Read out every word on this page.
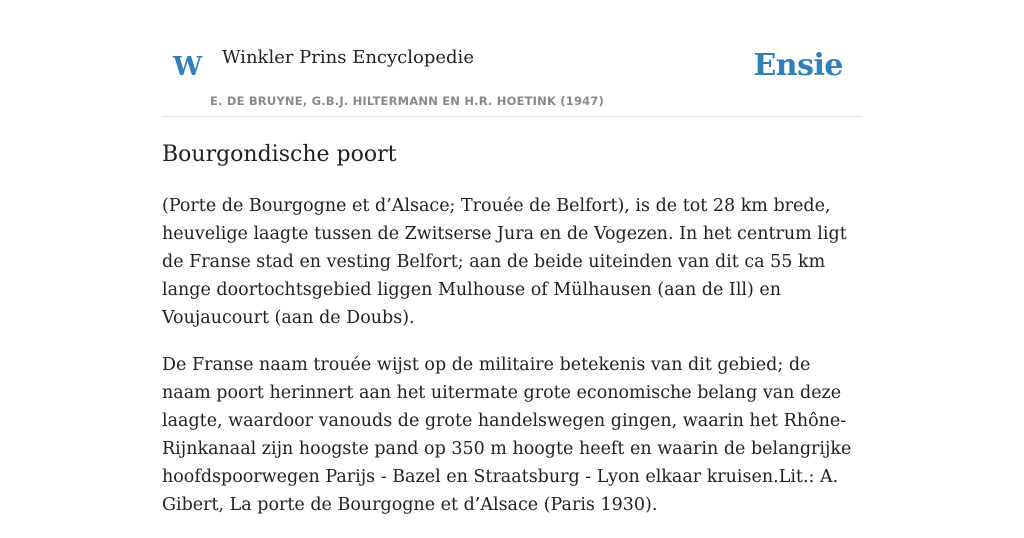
W Winkler Prins Encyclopedie
E. DE BRUYNE, G.B.J. HILTERMANN EN H.R. HOETINK (1947)
Ensie
Bourgondische poort

(Porte de Bourgogne et d’Alsace; Trouée de Belfort), is de tot 28 km brede, heuvelige laagte tussen de Zwitserse Jura en de Vogezen. In het centrum ligt de Franse stad en vesting Belfort; aan de beide uiteinden van dit ca 55 km lange doortochtsgebied liggen Mulhouse of Mülhausen (aan de Ill) en Voujaucourt (aan de Doubs).

De Franse naam trouée wijst op de militaire betekenis van dit gebied; de naam poort herinnert aan het uitermate grote economische belang van deze laagte, waardoor vanouds de grote handelswegen gingen, waarin het Rhône-Rijnkanaal zijn hoogste pand op 350 m hoogte heeft en waarin de belangrijke hoofdspoorwegen Parijs - Bazel en Straatsburg - Lyon elkaar kruisen.Lit.: A. Gibert, La porte de Bourgogne et d’Alsace (Paris 1930).
